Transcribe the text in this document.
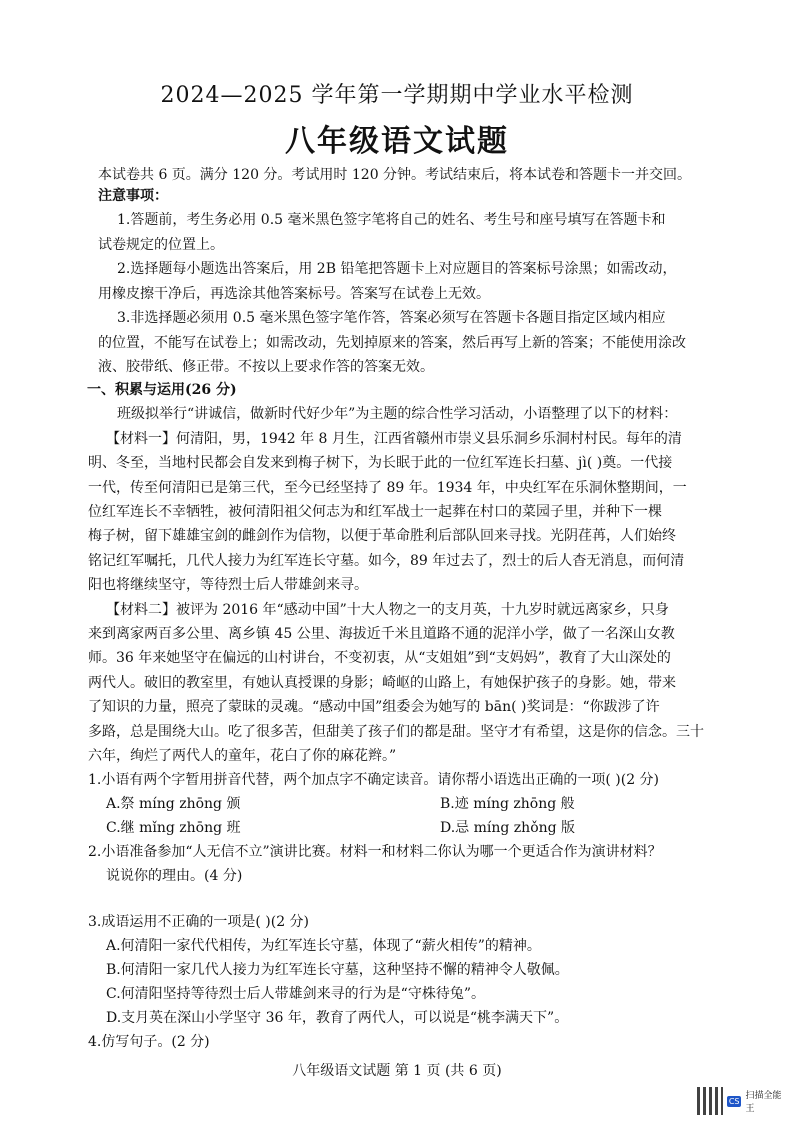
2024—2025 学年第一学期期中学业水平检测
八年级语文试题
本试卷共 6 页。满分 120 分。考试用时 120 分钟。考试结束后，将本试卷和答题卡一并交回。
注意事项：
1.答题前，考生务必用 0.5 毫米黑色签字笔将自己的姓名、考生号和座号填写在答题卡和
试卷规定的位置上。
2.选择题每小题选出答案后，用 2B 铅笔把答题卡上对应题目的答案标号涂黑；如需改动，
用橡皮擦干净后，再选涂其他答案标号。答案写在试卷上无效。
3.非选择题必须用 0.5 毫米黑色签字笔作答，答案必须写在答题卡各题目指定区域内相应
的位置，不能写在试卷上；如需改动，先划掉原来的答案，然后再写上新的答案；不能使用涂改
液、胶带纸、修正带。不按以上要求作答的答案无效。
一、积累与运用(26 分)
班级拟举行“讲诚信，做新时代好少年”为主题的综合性学习活动，小语整理了以下的材料：
【材料一】何清阳，男，1942 年 8 月生，江西省赣州市崇义县乐洞乡乐洞村村民。每年的清
明、冬至，当地村民都会自发来到梅子树下，为长眠于此的一位红军连长扫墓、jì( )奠。一代接
一代，传至何清阳已是第三代，至今已经坚持了 89 年。1934 年，中央红军在乐洞休整期间，一
位红军连长不幸牺牲，被何清阳祖父何志为和红军战士一起葬在村口的菜园子里，并种下一棵
梅子树，留下雄雄宝剑的雌剑作为信物，以便于革命胜利后部队回来寻找。光阴荏苒，人们始终
铭记红军嘱托，几代人接力为红军连长守墓。如今，89 年过去了，烈士的后人杳无消息，而何清
阳也将继续坚守，等待烈士后人带雄剑来寻。
【材料二】被评为 2016 年“感动中国”十大人物之一的支月英，十九岁时就远离家乡，只身
来到离家两百多公里、离乡镇 45 公里、海拔近千米且道路不通的泥洋小学，做了一名深山女教
师。36 年来她坚守在偏远的山村讲台，不变初衷，从“支姐姐”到“支妈妈”，教育了大山深处的
两代人。破旧的教室里，有她认真授课的身影；崎岖的山路上，有她保护孩子的身影。她，带来
了知识的力量，照亮了蒙昧的灵魂。“感动中国”组委会为她写的 bān( )奖词是：“你跋涉了许
多路，总是围绕大山。吃了很多苦，但甜美了孩子们的都是甜。坚守才有希望，这是你的信念。三十
六年，绚烂了两代人的童年，花白了你的麻花辫。”
1.小语有两个字暂用拼音代替，两个加点字不确定读音。请你帮小语选出正确的一项( )(2 分)
A.祭 míng zhōng 颁	B.迹 míng zhōng 般
C.继 mǐng zhōng 班	D.忌 míng zhǒng 版
2.小语准备参加“人无信不立”演讲比赛。材料一和材料二你认为哪一个更适合作为演讲材料？
说说你的理由。(4 分)
3.成语运用不正确的一项是( )(2 分)
A.何清阳一家代代相传，为红军连长守墓，体现了“薪火相传”的精神。
B.何清阳一家几代人接力为红军连长守墓，这种坚持不懈的精神令人敬佩。
C.何清阳坚持等待烈士后人带雄剑来寻的行为是“守株待兔”。
D.支月英在深山小学坚守 36 年，教育了两代人，可以说是“桃李满天下”。
4.仿写句子。(2 分)
八年级语文试题 第 1 页 (共 6 页)
CS 扫描全能王
